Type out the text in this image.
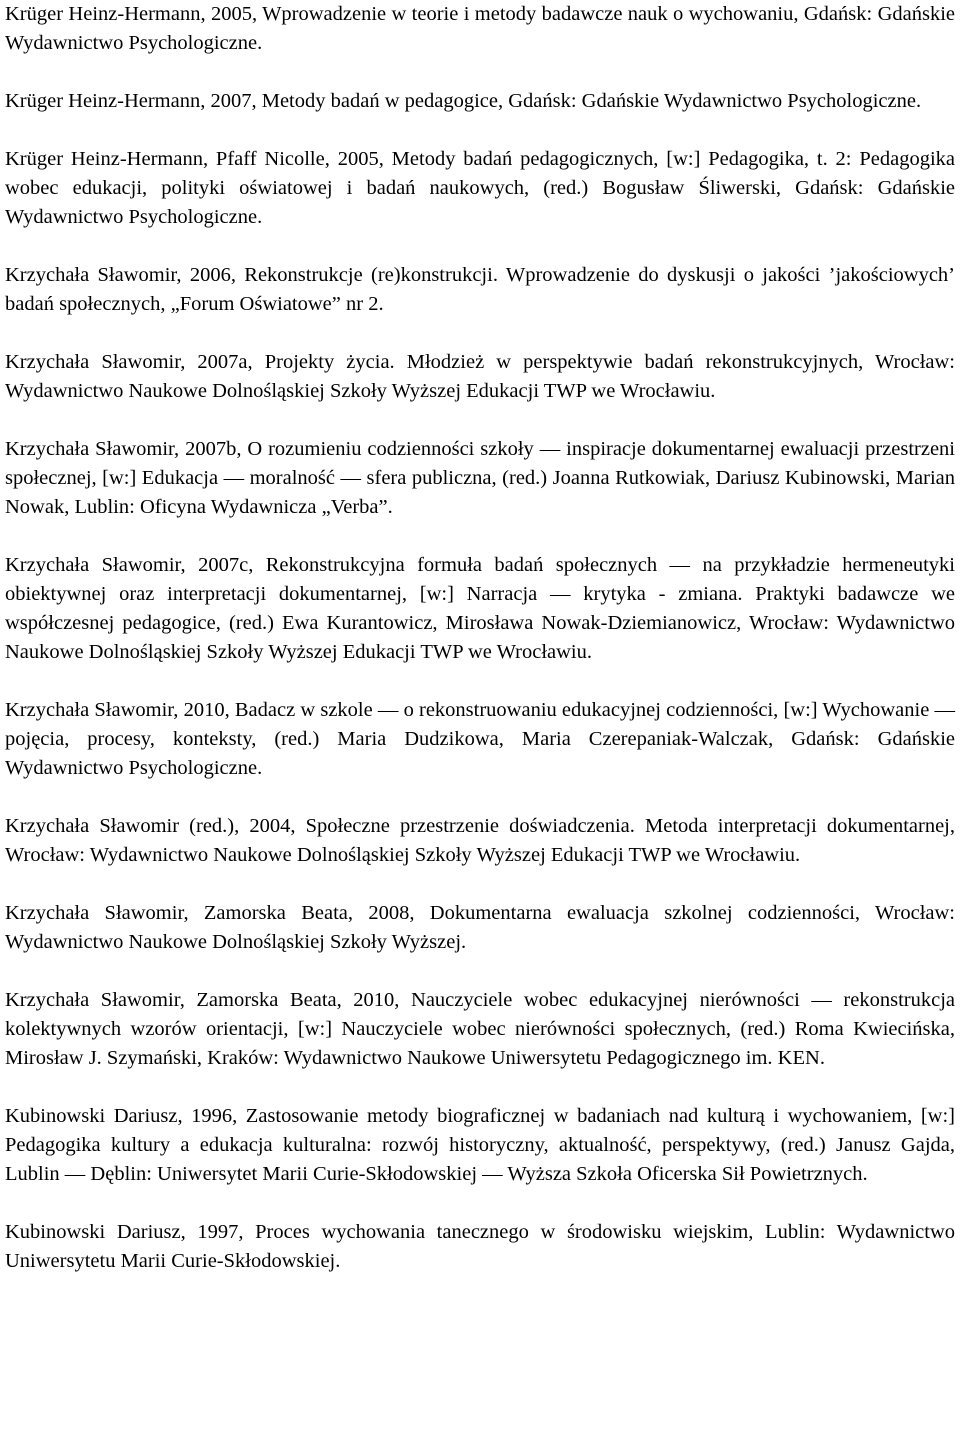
Krüger Heinz-Hermann, 2005, Wprowadzenie w teorie i metody badawcze nauk o wychowaniu, Gdańsk: Gdańskie Wydawnictwo Psychologiczne.

Krüger Heinz-Hermann, 2007, Metody badań w pedagogice, Gdańsk: Gdańskie Wydawnictwo Psychologiczne.

Krüger Heinz-Hermann, Pfaff Nicolle, 2005, Metody badań pedagogicznych, [w:] Pedagogika, t. 2: Pedagogika wobec edukacji, polityki oświatowej i badań naukowych, (red.) Bogusław Śliwerski, Gdańsk: Gdańskie Wydawnictwo Psychologiczne.

Krzychała Sławomir, 2006, Rekonstrukcje (re)konstrukcji. Wprowadzenie do dyskusji o jakości ’jakościowych’ badań społecznych, „Forum Oświatowe” nr 2.

Krzychała Sławomir, 2007a, Projekty życia. Młodzież w perspektywie badań rekonstrukcyjnych, Wrocław: Wydawnictwo Naukowe Dolnośląskiej Szkoły Wyższej Edukacji TWP we Wrocławiu.

Krzychała Sławomir, 2007b, O rozumieniu codzienności szkoły — inspiracje dokumentarnej ewaluacji przestrzeni społecznej, [w:] Edukacja — moralność — sfera publiczna, (red.) Joanna Rutkowiak, Dariusz Kubinowski, Marian Nowak, Lublin: Oficyna Wydawnicza „Verba”.

Krzychała Sławomir, 2007c, Rekonstrukcyjna formuła badań społecznych — na przykładzie hermeneutyki obiektywnej oraz interpretacji dokumentarnej, [w:] Narracja — krytyka - zmiana. Praktyki badawcze we współczesnej pedagogice, (red.) Ewa Kurantowicz, Mirosława Nowak-Dziemianowicz, Wrocław: Wydawnictwo Naukowe Dolnośląskiej Szkoły Wyższej Edukacji TWP we Wrocławiu.

Krzychała Sławomir, 2010, Badacz w szkole — o rekonstruowaniu edukacyjnej codzienności, [w:] Wychowanie — pojęcia, procesy, konteksty, (red.) Maria Dudzikowa, Maria Czerepaniak-Walczak, Gdańsk: Gdańskie Wydawnictwo Psychologiczne.

Krzychała Sławomir (red.), 2004, Społeczne przestrzenie doświadczenia. Metoda interpretacji dokumentarnej, Wrocław: Wydawnictwo Naukowe Dolnośląskiej Szkoły Wyższej Edukacji TWP we Wrocławiu.

Krzychała Sławomir, Zamorska Beata, 2008, Dokumentarna ewaluacja szkolnej codzienności, Wrocław: Wydawnictwo Naukowe Dolnośląskiej Szkoły Wyższej.

Krzychała Sławomir, Zamorska Beata, 2010, Nauczyciele wobec edukacyjnej nierówności — rekonstrukcja kolektywnych wzorów orientacji, [w:] Nauczyciele wobec nierówności społecznych, (red.) Roma Kwiecińska, Mirosław J. Szymański, Kraków: Wydawnictwo Naukowe Uniwersytetu Pedagogicznego im. KEN.

Kubinowski Dariusz, 1996, Zastosowanie metody biograficznej w badaniach nad kulturą i wychowaniem, [w:] Pedagogika kultury a edukacja kulturalna: rozwój historyczny, aktualność, perspektywy, (red.) Janusz Gajda, Lublin — Dęblin: Uniwersytet Marii Curie-Skłodowskiej — Wyższa Szkoła Oficerska Sił Powietrznych.

Kubinowski Dariusz, 1997, Proces wychowania tanecznego w środowisku wiejskim, Lublin: Wydawnictwo Uniwersytetu Marii Curie-Skłodowskiej.
